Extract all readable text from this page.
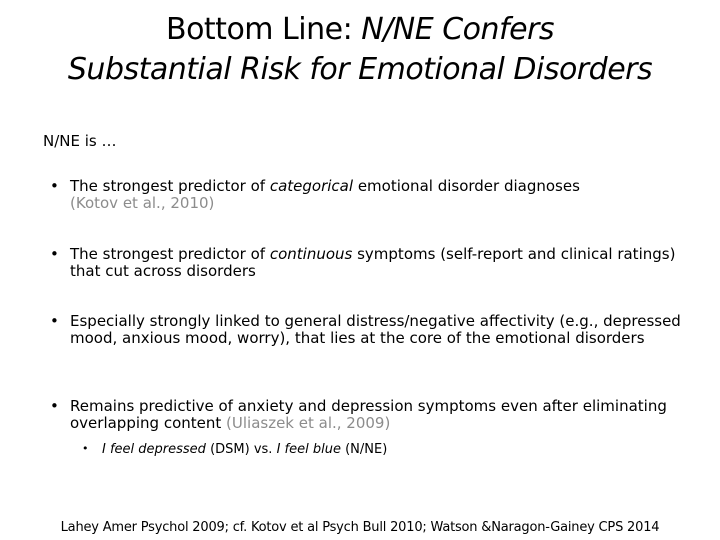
Bottom Line: N/NE Confers
Substantial Risk for Emotional Disorders
N/NE is …
• The strongest predictor of categorical emotional disorder diagnoses
(Kotov et al., 2010)
• The strongest predictor of continuous symptoms (self-report and clinical ratings) that cut across disorders
• Especially strongly linked to general distress/negative affectivity (e.g., depressed mood, anxious mood, worry), that lies at the core of the emotional disorders
• Remains predictive of anxiety and depression symptoms even after eliminating overlapping content (Uliaszek et al., 2009)
• I feel depressed (DSM) vs. I feel blue (N/NE)
Lahey Amer Psychol 2009; cf. Kotov et al Psych Bull 2010; Watson &Naragon-Gainey CPS 2014
